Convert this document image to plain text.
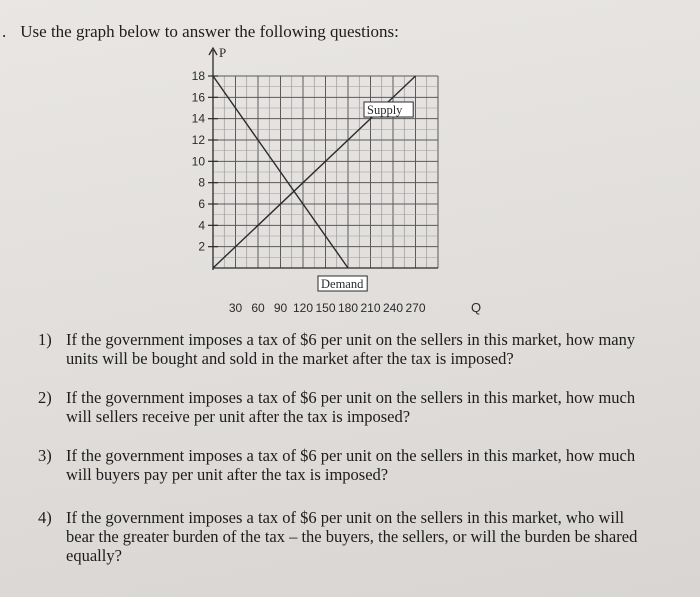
. Use the graph below to answer the following questions:
2
4
6
8
10
12
14
16
18
30 60 90 120 150 180 210 240 270
P
Q
Supply
Demand
1) If the government imposes a tax of $6 per unit on the sellers in this market, how many units will be bought and sold in the market after the tax is imposed?
2) If the government imposes a tax of $6 per unit on the sellers in this market, how much will sellers receive per unit after the tax is imposed?
3) If the government imposes a tax of $6 per unit on the sellers in this market, how much will buyers pay per unit after the tax is imposed?
4) If the government imposes a tax of $6 per unit on the sellers in this market, who will bear the greater burden of the tax – the buyers, the sellers, or will the burden be shared equally?
